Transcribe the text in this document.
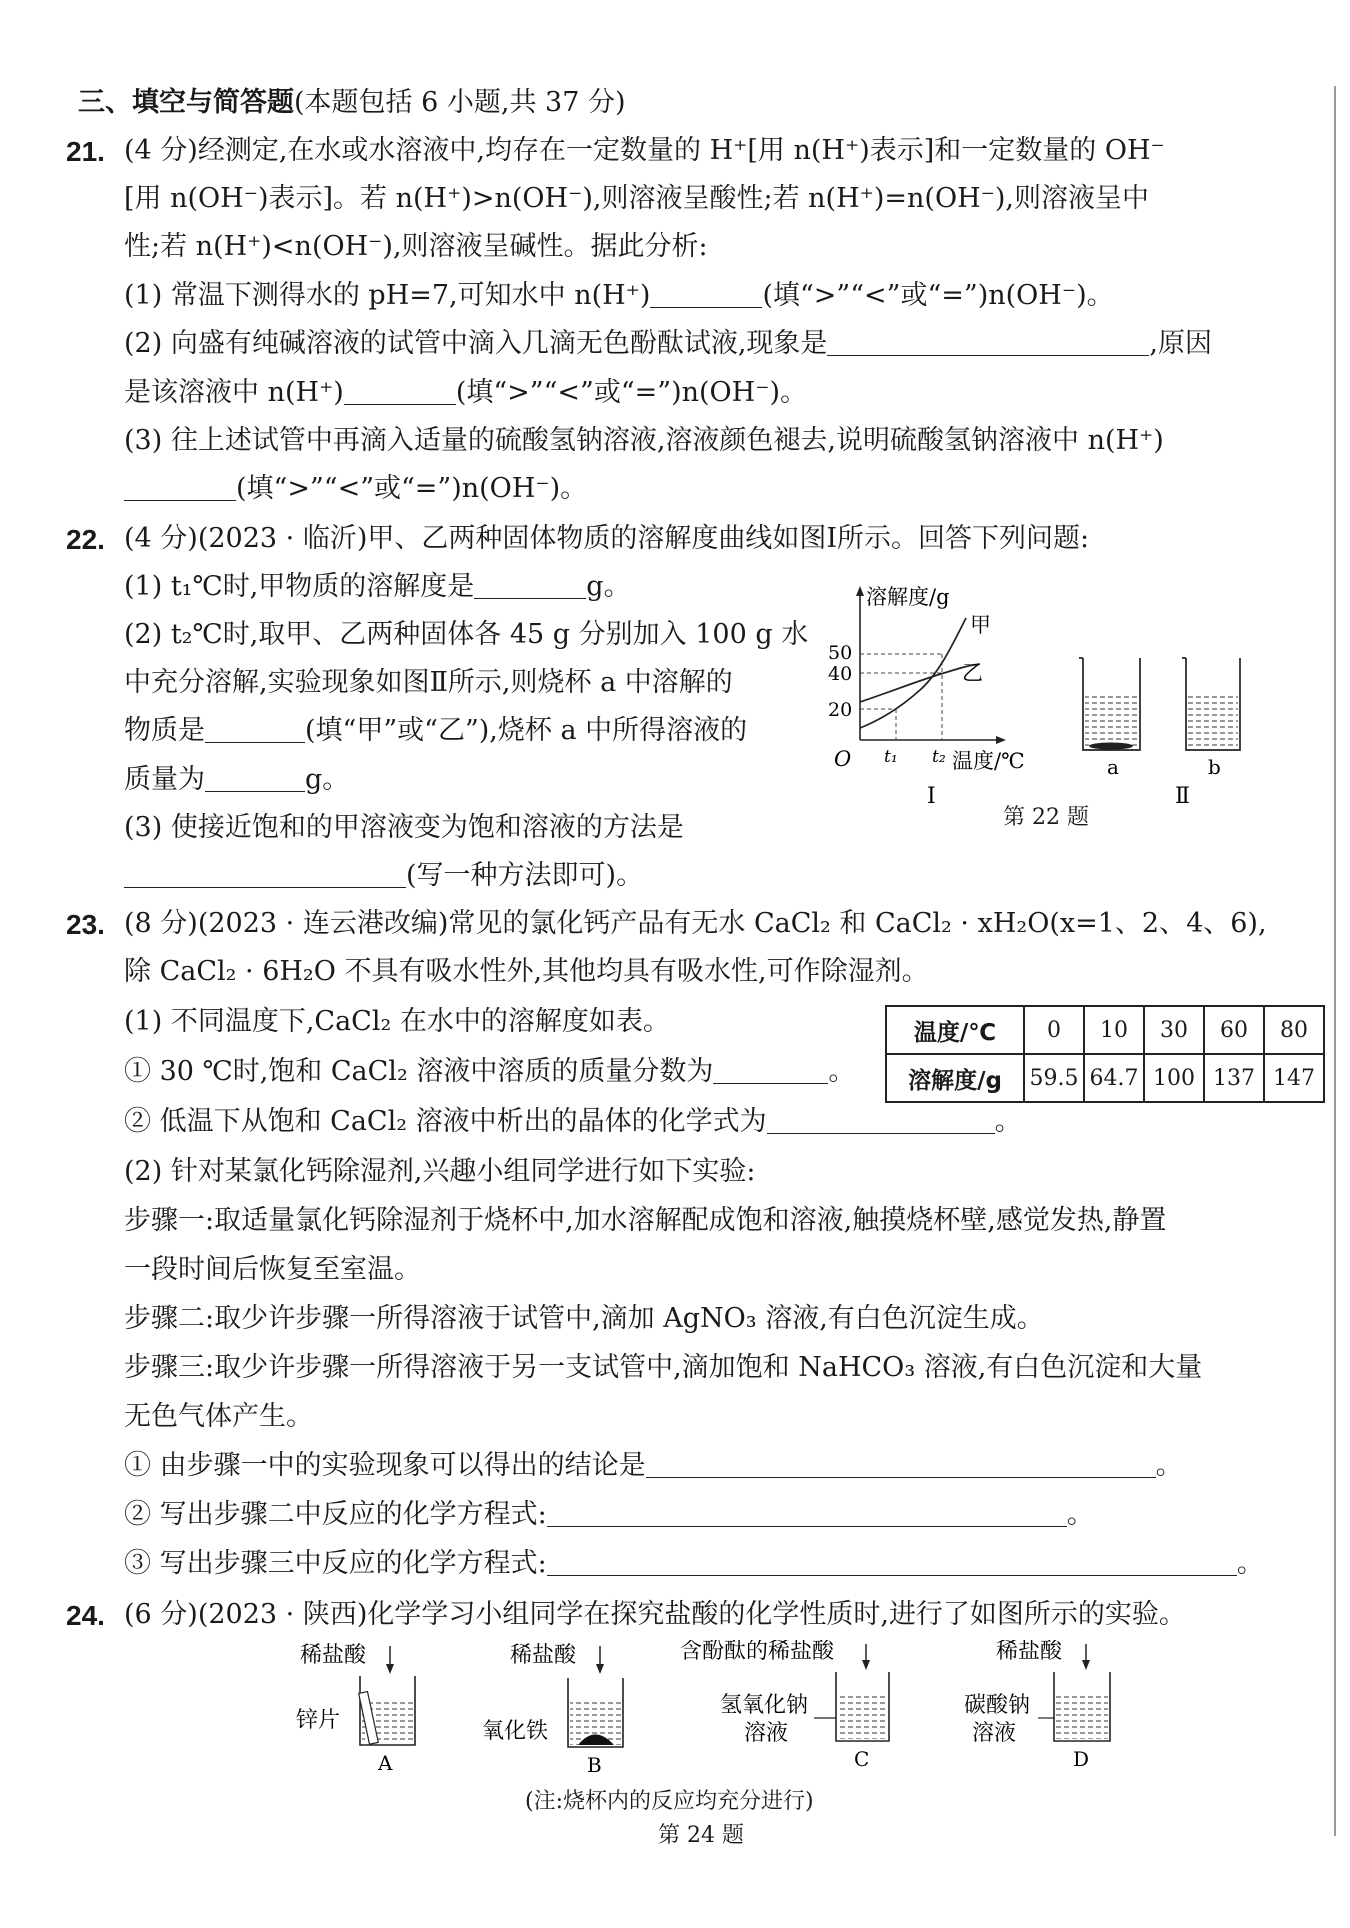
三、填空与简答题(本题包括 6 小题,共 37 分)
21. (4 分)经测定,在水或水溶液中,均存在一定数量的 H⁺[用 n(H⁺)表示]和一定数量的 OH⁻
[用 n(OH⁻)表示]。若 n(H⁺)>n(OH⁻),则溶液呈酸性;若 n(H⁺)=n(OH⁻),则溶液呈中
性;若 n(H⁺)<n(OH⁻),则溶液呈碱性。据此分析:
(1) 常温下测得水的 pH=7,可知水中 n(H⁺)	(填“>”“<”或“=”)n(OH⁻)。
(2) 向盛有纯碱溶液的试管中滴入几滴无色酚酞试液,现象是	,原因
是该溶液中 n(H⁺)	(填“>”“<”或“=”)n(OH⁻)。
(3) 往上述试管中再滴入适量的硫酸氢钠溶液,溶液颜色褪去,说明硫酸氢钠溶液中 n(H⁺)
(填“>”“<”或“=”)n(OH⁻)。
22. (4 分)(2023 · 临沂)甲、乙两种固体物质的溶解度曲线如图Ⅰ所示。回答下列问题:
(1) t₁℃时,甲物质的溶解度是	g。
(2) t₂℃时,取甲、乙两种固体各 45 g 分别加入 100 g 水
中充分溶解,实验现象如图Ⅱ所示,则烧杯 a 中溶解的
物质是	(填“甲”或“乙”),烧杯 a 中所得溶液的
质量为	g。
(3) 使接近饱和的甲溶液变为饱和溶液的方法是
(写一种方法即可)。
溶解度/g
温度/℃
O
20
40
50
t₁ t₂
甲
乙
Ⅰ
a	b
Ⅱ
第 22 题
23. (8 分)(2023 · 连云港改编)常见的氯化钙产品有无水 CaCl₂ 和 CaCl₂ · xH₂O(x=1、2、4、6),
除 CaCl₂ · 6H₂O 不具有吸水性外,其他均具有吸水性,可作除湿剂。
(1) 不同温度下,CaCl₂ 在水中的溶解度如表。
① 30 ℃时,饱和 CaCl₂ 溶液中溶质的质量分数为	。
② 低温下从饱和 CaCl₂ 溶液中析出的晶体的化学式为	。
温度/℃	0	10	30	60	80
溶解度/g	59.5	64.7	100	137	147
(2) 针对某氯化钙除湿剂,兴趣小组同学进行如下实验:
步骤一:取适量氯化钙除湿剂于烧杯中,加水溶解配成饱和溶液,触摸烧杯壁,感觉发热,静置
一段时间后恢复至室温。
步骤二:取少许步骤一所得溶液于试管中,滴加 AgNO₃ 溶液,有白色沉淀生成。
步骤三:取少许步骤一所得溶液于另一支试管中,滴加饱和 NaHCO₃ 溶液,有白色沉淀和大量
无色气体产生。
① 由步骤一中的实验现象可以得出的结论是	。
② 写出步骤二中反应的化学方程式:	。
③ 写出步骤三中反应的化学方程式:	。
24. (6 分)(2023 · 陕西)化学学习小组同学在探究盐酸的化学性质时,进行了如图所示的实验。
稀盐酸
锌片
A
稀盐酸
氧化铁
B
含酚酞的稀盐酸
氢氧化钠
溶液
C
稀盐酸
碳酸钠
溶液
D
(注:烧杯内的反应均充分进行)
第 24 题
